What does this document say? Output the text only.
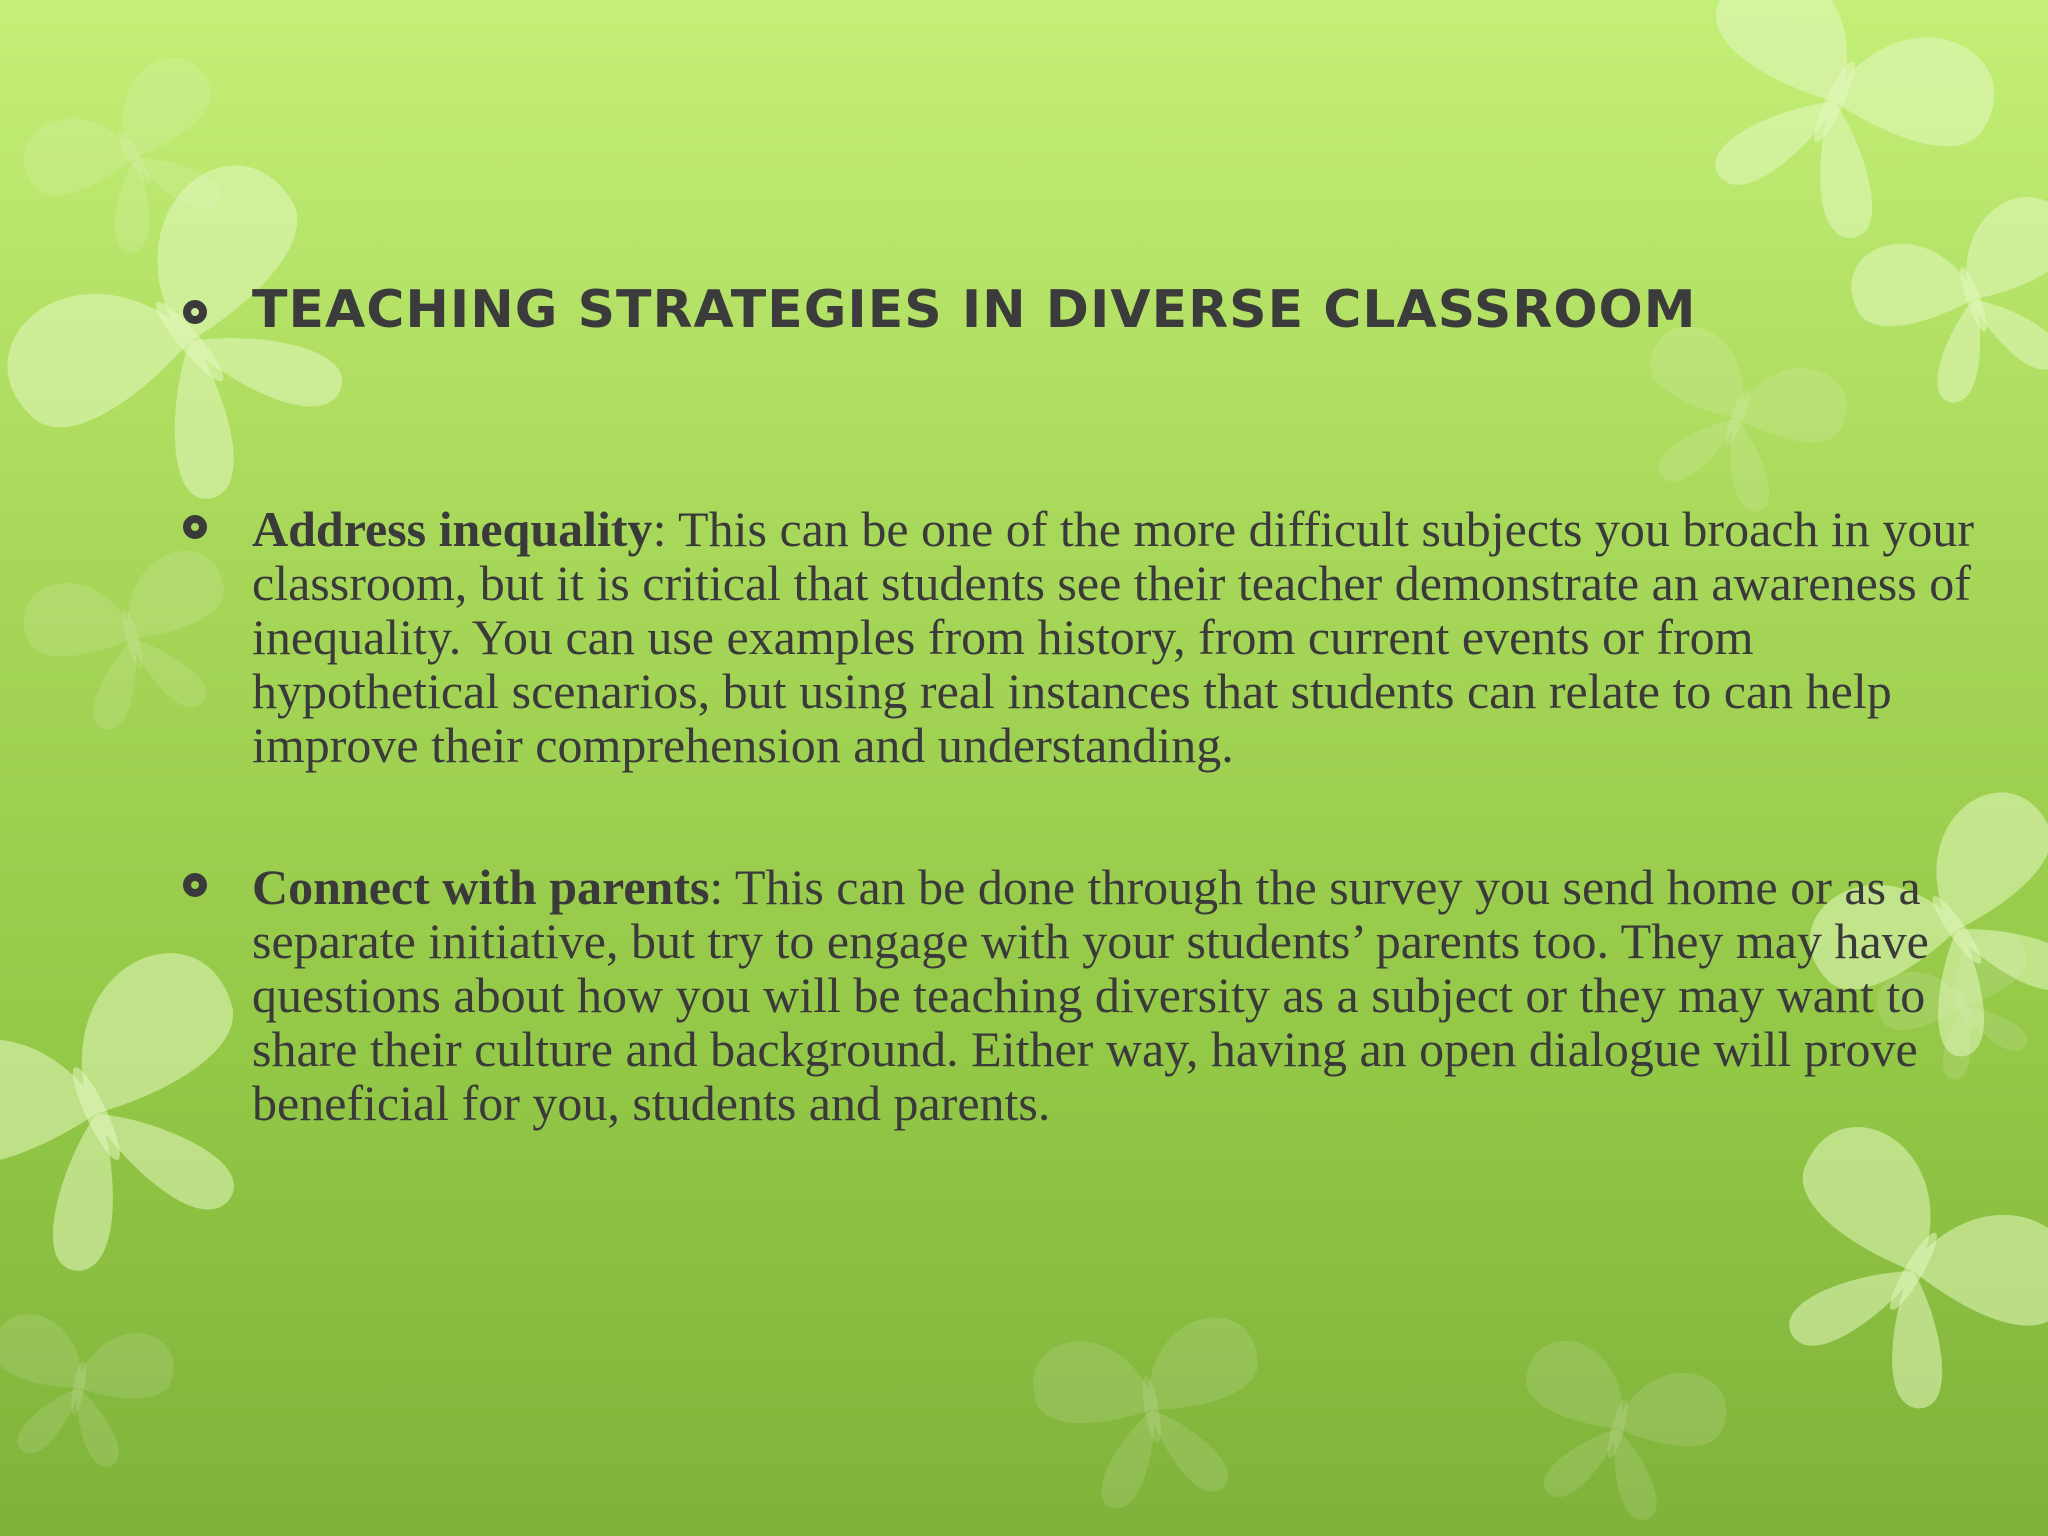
TEACHING STRATEGIES IN DIVERSE CLASSROOM

Address inequality: This can be one of the more difficult subjects you broach in your classroom, but it is critical that students see their teacher demonstrate an awareness of inequality. You can use examples from history, from current events or from hypothetical scenarios, but using real instances that students can relate to can help improve their comprehension and understanding.

Connect with parents: This can be done through the survey you send home or as a separate initiative, but try to engage with your students’ parents too. They may have questions about how you will be teaching diversity as a subject or they may want to share their culture and background. Either way, having an open dialogue will prove beneficial for you, students and parents.
